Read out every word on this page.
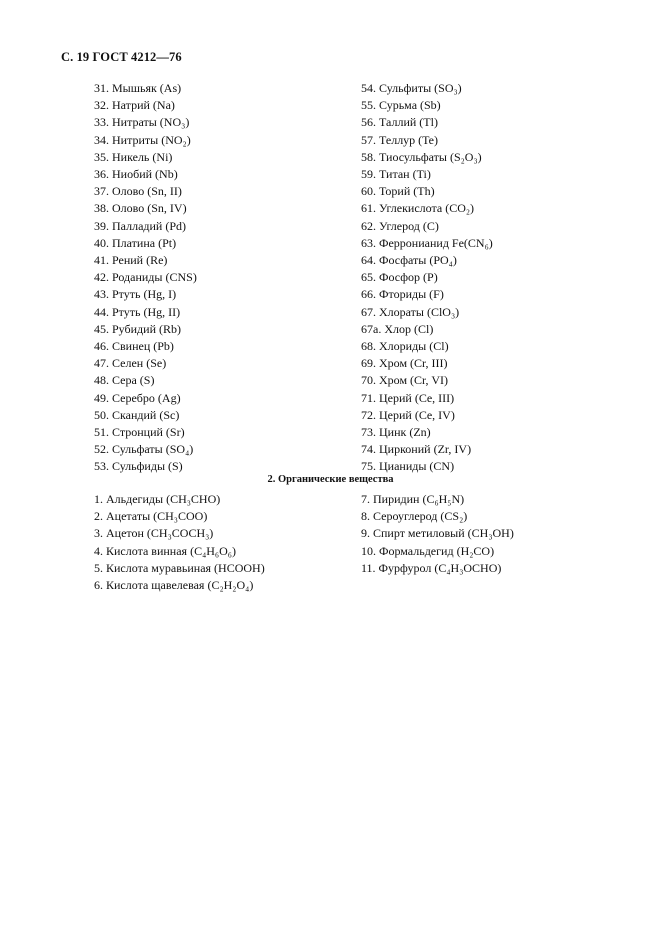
С. 19 ГОСТ 4212—76
31. Мышьяк (As)
32. Натрий (Na)
33. Нитраты (NO₃)
34. Нитриты (NO₂)
35. Никель (Ni)
36. Ниобий (Nb)
37. Олово (Sn, II)
38. Олово (Sn, IV)
39. Палладий (Pd)
40. Платина (Pt)
41. Рений (Re)
42. Роданиды (CNS)
43. Ртуть (Hg, I)
44. Ртуть (Hg, II)
45. Рубидий (Rb)
46. Свинец (Pb)
47. Селен (Se)
48. Сера (S)
49. Серебро (Ag)
50. Скандий (Sc)
51. Стронций (Sr)
52. Сульфаты (SO₄)
53. Сульфиды (S)
54. Сульфиты (SO₃)
55. Сурьма (Sb)
56. Таллий (Tl)
57. Теллур (Te)
58. Тиосульфаты (S₂O₃)
59. Титан (Ti)
60. Торий (Th)
61. Углекислота (CO₂)
62. Углерод (C)
63. Ферронианид Fe(CN₆)
64. Фосфаты (PO₄)
65. Фосфор (P)
66. Фториды (F)
67. Хлораты (ClO₃)
67а. Хлор (Cl)
68. Хлориды (Cl)
69. Хром (Cr, III)
70. Хром (Cr, VI)
71. Церий (Ce, III)
72. Церий (Ce, IV)
73. Цинк (Zn)
74. Цирконий (Zr, IV)
75. Цианиды (CN)
2. Органические вещества
1. Альдегиды (CH₃CHO)
2. Ацетаты (CH₃COO)
3. Ацетон (CH₃COCH₃)
4. Кислота винная (C₄H₆O₆)
5. Кислота муравьиная (HCOOH)
6. Кислота щавелевая (C₂H₂O₄)
7. Пиридин (C₆H₅N)
8. Сероуглерод (CS₂)
9. Спирт метиловый (CH₃OH)
10. Формальдегид (H₂CO)
11. Фурфурол (C₄H₃OCHO)
